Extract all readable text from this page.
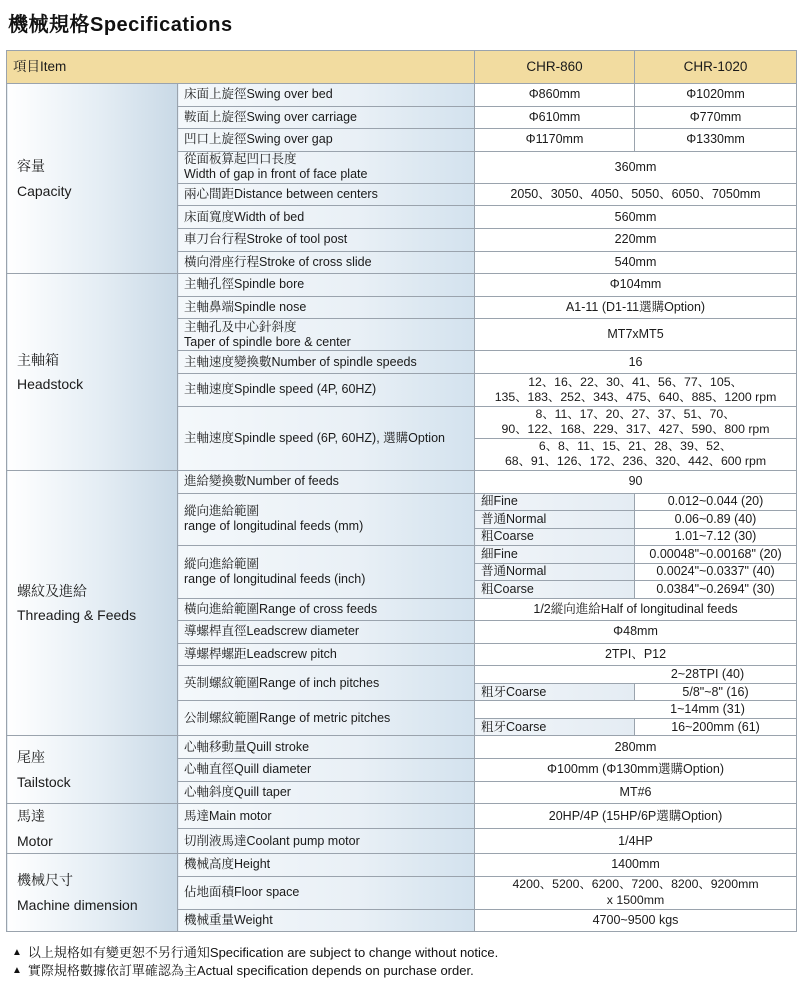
機械規格Specifications
項目Item		CHR-860	CHR-1020

容量
Capacity	床面上旋徑Swing over bed	Φ860mm	Φ1020mm
	鞍面上旋徑Swing over carriage	Φ610mm	Φ770mm
	凹口上旋徑Swing over gap	Φ1170mm	Φ1330mm

	從面板算起凹口長度
Width of gap in front of face plate	360mm	
	兩心間距Distance between centers	2050、3050、4050、5050、6050、7050mm	
	床面寬度Width of bed	560mm	
	車刀台行程Stroke of tool post	220mm	
	橫向滑座行程Stroke of cross slide	540mm	

主軸箱
Headstock	主軸孔徑Spindle bore	Φ104mm	
	主軸鼻端Spindle nose	A1-11 (D1-11選購Option)	

	主軸孔及中心針斜度
Taper of spindle bore & center	MT7xMT5	
	主軸速度變換數Number of spindle speeds	16	
	主軸速度Spindle speed (4P, 60HZ)	12、16、22、30、41、56、77、105、
135、183、252、343、475、640、885、1200 rpm	

	主軸速度Spindle speed (6P, 60HZ), 選購Option	8、11、17、20、27、37、51、70、
90、122、168、229、317、427、590、800 rpm	

		6、8、11、15、21、28、39、52、
68、91、126、172、236、320、442、600 rpm	

螺紋及進給
Threading & Feeds	進給變換數Number of feeds	90	

	縱向進給範圍
range of longitudinal feeds (mm)	細Fine	0.012~0.044 (20)
		普通Normal	0.06~0.89 (40)
		粗Coarse	1.01~7.12 (30)

	縱向進給範圍
range of longitudinal feeds (inch)	細Fine	0.00048"~0.00168" (20)
		普通Normal	0.0024"~0.0337" (40)
		粗Coarse	0.0384"~0.2694" (30)
	橫向進給範圍Range of cross feeds	1/2縱向進給Half of longitudinal feeds	
	導螺桿直徑Leadscrew diameter	Φ48mm	
	導螺桿螺距Leadscrew pitch	2TPI、P12	
	英制螺紋範圍Range of inch pitches	2~28TPI (40)	
		粗牙Coarse	5/8"~8" (16)
	公制螺紋範圍Range of metric pitches	1~14mm (31)	
		粗牙Coarse	16~200mm (61)

尾座
Tailstock	心軸移動量Quill stroke	280mm	
	心軸直徑Quill diameter	Φ100mm (Φ130mm選購Option)	
	心軸斜度Quill taper	MT#6	

馬達
Motor	馬達Main motor	20HP/4P (15HP/6P選購Option)	
	切削液馬達Coolant pump motor	1/4HP	

機械尺寸
Machine dimension	機械高度Height	1400mm	
	佔地面積Floor space	4200、5200、6200、7200、8200、9200mm
x 1500mm	

	機械重量Weight	4700~9500 kgs	
▲ 以上規格如有變更恕不另行通知Specification are subject to change without notice.
▲ 實際規格數據依訂單確認為主Actual specification depends on purchase order.
